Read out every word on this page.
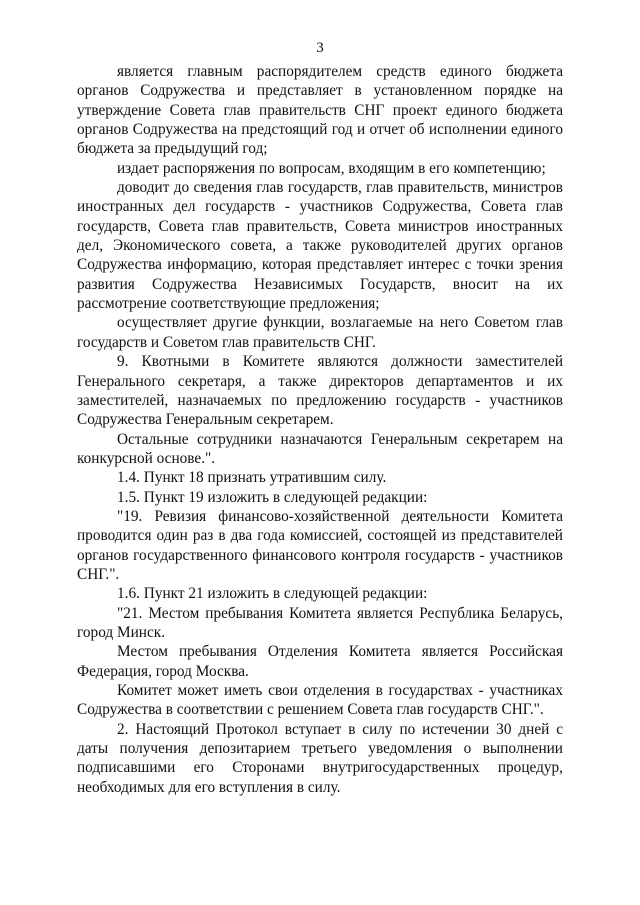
3

является главным распорядителем средств единого бюджета органов Содружества и представляет в установленном порядке на утверждение Совета глав правительств СНГ проект единого бюджета органов Содружества на предстоящий год и отчет об исполнении единого бюджета за предыдущий год;

издает распоряжения по вопросам, входящим в его компетенцию;

доводит до сведения глав государств, глав правительств, министров иностранных дел государств - участников Содружества, Совета глав государств, Совета глав правительств, Совета министров иностранных дел, Экономического совета, а также руководителей других органов Содружества информацию, которая представляет интерес с точки зрения развития Содружества Независимых Государств, вносит на их рассмотрение соответствующие предложения;

осуществляет другие функции, возлагаемые на него Советом глав государств и Советом глав правительств СНГ.

9. Квотными в Комитете являются должности заместителей Генерального секретаря, а также директоров департаментов и их заместителей, назначаемых по предложению государств - участников Содружества Генеральным секретарем.

Остальные сотрудники назначаются Генеральным секретарем на конкурсной основе.".

1.4. Пункт 18 признать утратившим силу.

1.5. Пункт 19 изложить в следующей редакции:

"19. Ревизия финансово-хозяйственной деятельности Комитета проводится один раз в два года комиссией, состоящей из представителей органов государственного финансового контроля государств - участников СНГ.".

1.6. Пункт 21 изложить в следующей редакции:

"21. Местом пребывания Комитета является Республика Беларусь, город Минск.

Местом пребывания Отделения Комитета является Российская Федерация, город Москва.

Комитет может иметь свои отделения в государствах - участниках Содружества в соответствии с решением Совета глав государств СНГ.".

2. Настоящий Протокол вступает в силу по истечении 30 дней с даты получения депозитарием третьего уведомления о выполнении подписавшими его Сторонами внутригосударственных процедур, необходимых для его вступления в силу.
